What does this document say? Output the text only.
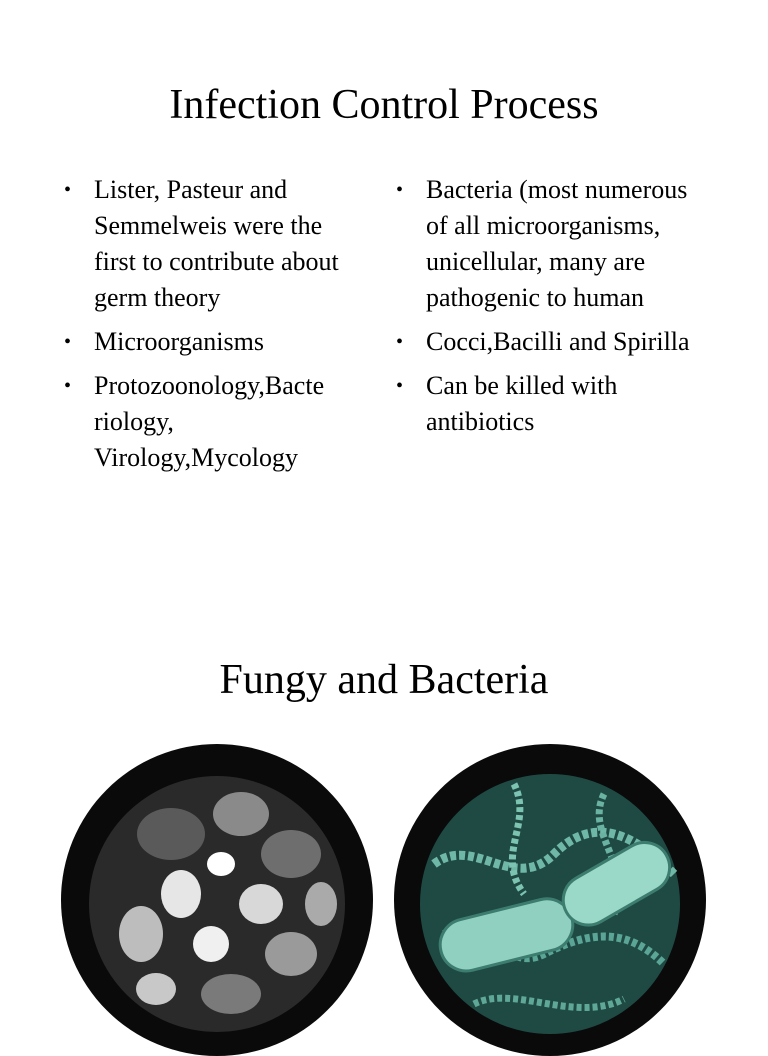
Infection Control Process
• Lister, Pasteur and Semmelweis were the first to contribute about germ theory
• Microorganisms
• Protozoonology,Bacte riology, Virology,Mycology
• Bacteria (most numerous of all microorganisms, unicellular, many are pathogenic to human
• Cocci,Bacilli and Spirilla
• Can be killed with antibiotics
Fungy and Bacteria
